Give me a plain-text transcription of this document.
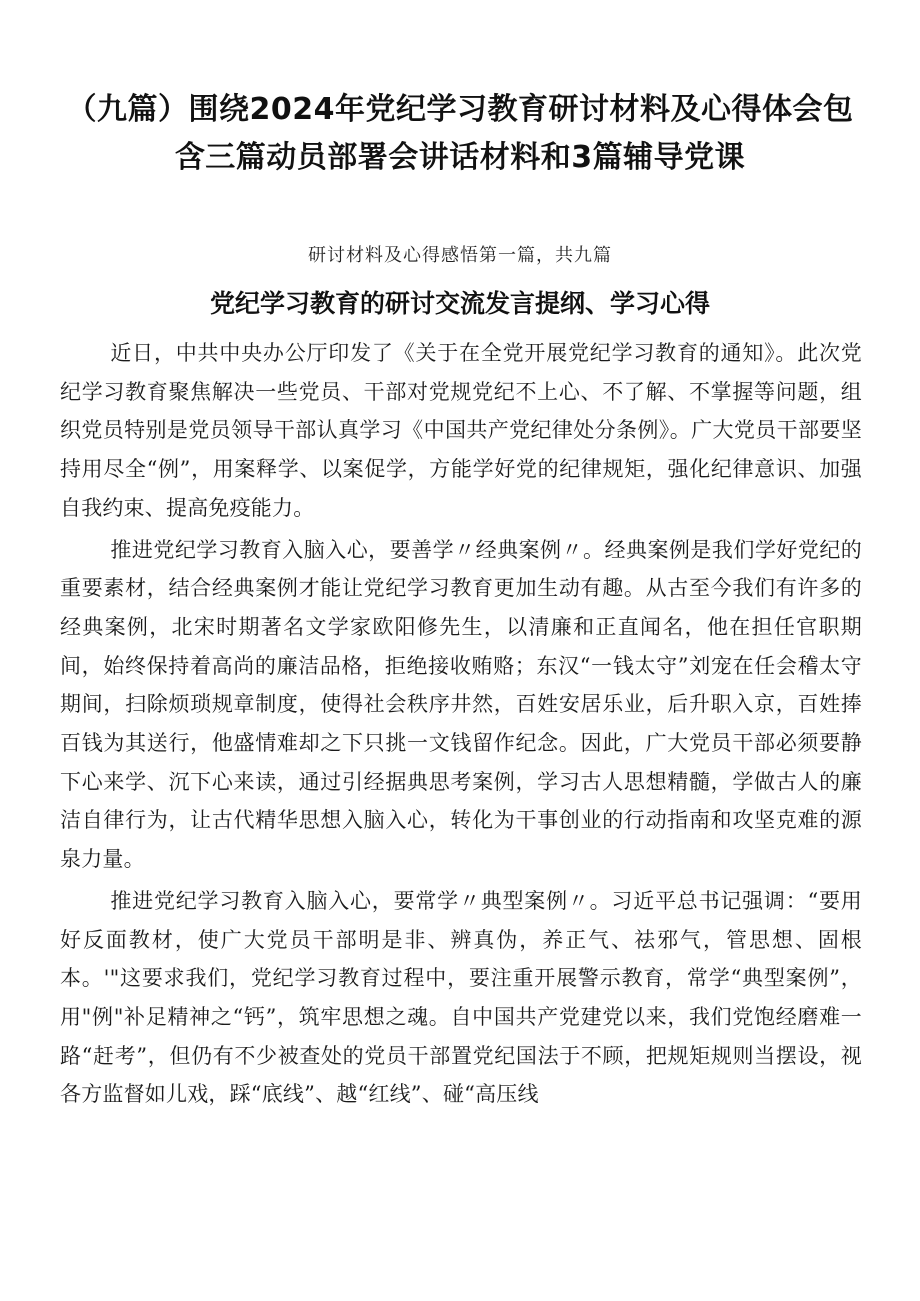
（九篇）围绕2024年党纪学习教育研讨材料及心得体会包含三篇动员部署会讲话材料和3篇辅导党课
研讨材料及心得感悟第一篇，共九篇
党纪学习教育的研讨交流发言提纲、学习心得

近日，中共中央办公厅印发了《关于在全党开展党纪学习教育的通知》。此次党纪学习教育聚焦解决一些党员、干部对党规党纪不上心、不了解、不掌握等问题，组织党员特别是党员领导干部认真学习《中国共产党纪律处分条例》。广大党员干部要坚持用尽全“例”，用案释学、以案促学，方能学好党的纪律规矩，强化纪律意识、加强自我约束、提高免疫能力。

推进党纪学习教育入脑入心，要善学〃经典案例〃。经典案例是我们学好党纪的重要素材，结合经典案例才能让党纪学习教育更加生动有趣。从古至今我们有许多的经典案例，北宋时期著名文学家欧阳修先生，以清廉和正直闻名，他在担任官职期间，始终保持着高尚的廉洁品格，拒绝接收贿赂；东汉“一钱太守”刘宠在任会稽太守期间，扫除烦琐规章制度，使得社会秩序井然，百姓安居乐业，后升职入京，百姓捧百钱为其送行，他盛情难却之下只挑一文钱留作纪念。因此，广大党员干部必须要静下心来学、沉下心来读，通过引经据典思考案例，学习古人思想精髓，学做古人的廉洁自律行为，让古代精华思想入脑入心，转化为干事创业的行动指南和攻坚克难的源泉力量。

推进党纪学习教育入脑入心，要常学〃典型案例〃。习近平总书记强调：“要用好反面教材，使广大党员干部明是非、辨真伪，养正气、祛邪气，管思想、固根本。'"这要求我们，党纪学习教育过程中，要注重开展警示教育，常学“典型案例”，用"例"补足精神之“钙”，筑牢思想之魂。自中国共产党建党以来，我们党饱经磨难一路“赶考”，但仍有不少被查处的党员干部置党纪国法于不顾，把规矩规则当摆设，视各方监督如儿戏，踩“底线”、越“红线”、碰“高压线
